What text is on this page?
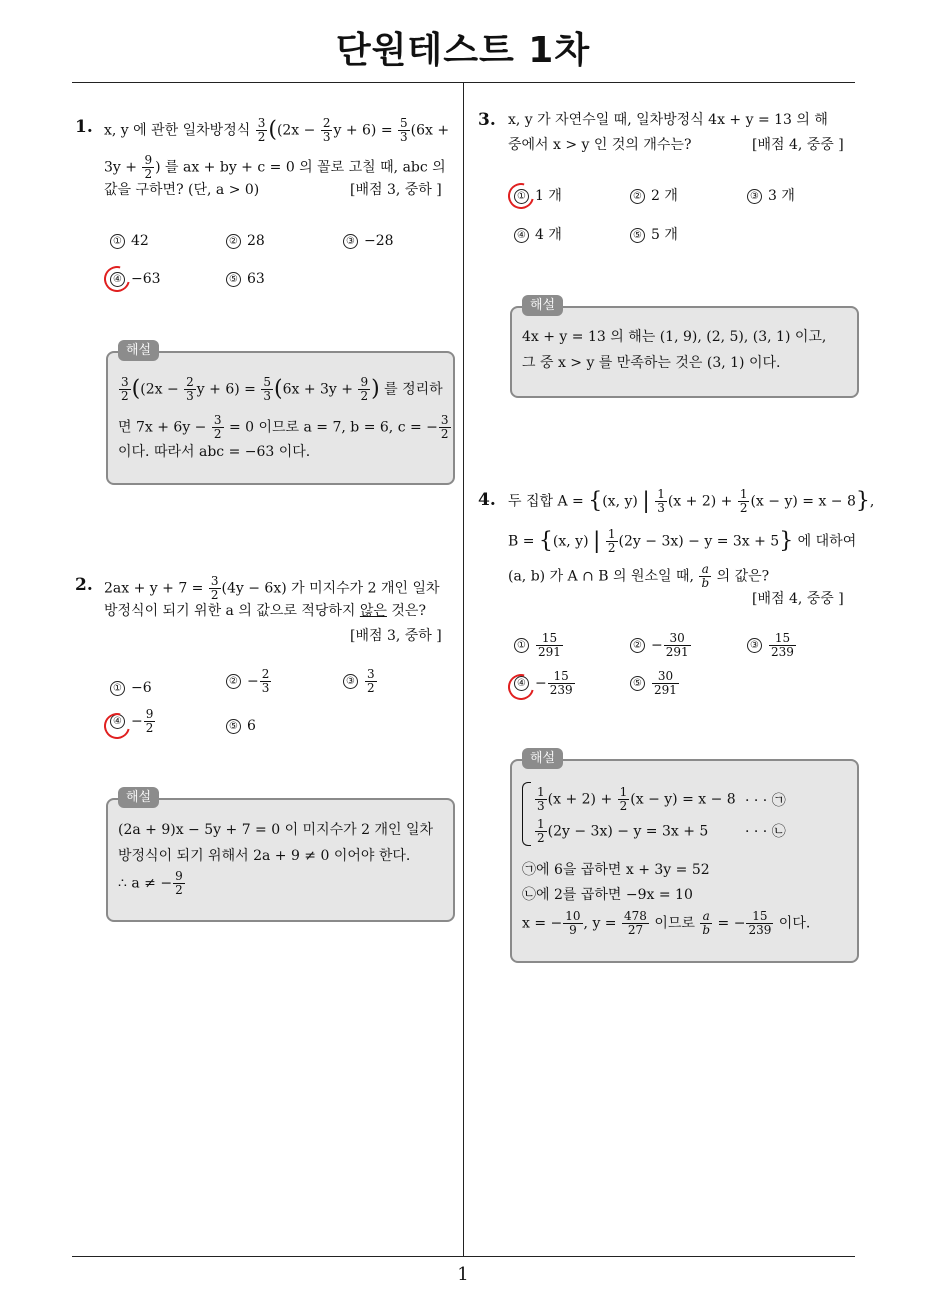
단원테스트 1차
1
1. x, y 에 관한 일차방정식 $\frac{3}{2} ((2x - \frac{2}{3}$ $y + 6) = \frac{5}{3} (6x$ +
$3y + \frac{9}{2}$ ) 를 ax + by + c = 0 의 꼴로 고칠 때, abc 의
값을 구하면? (단, a > 0)	[배점 3, 중하 ]
① 42	② 28	③ −28
④ −63	⑤ 63
해설
$\frac{3}{2} ((2x - \frac{2}{3}$ $y + 6) = \frac{5}{3} (6x + 3y + \frac{9}{2}$ ) 를 정리하
면 $7x + 6y - \frac{3}{2} = 0$ 이므로 a = 7, b = 6, c = − $\frac{3}{2}$
이다. 따라서 abc = −63 이다.
2. $2ax + y + 7 = \frac{3}{2} (4y - 6x)$ 가 미지수가 2 개인 일차
방정식이 되기 위한 a 의 값으로 적당하지 않은 것은?
[배점 3, 중하 ]
① −6	② − $\frac{2}{3}$	③ $\frac{3}{2}$
④ − $\frac{9}{2}$	⑤ 6
해설
(2a + 9)x − 5y + 7 = 0 이 미지수가 2 개인 일차
방정식이 되기 위해서 2a + 9 ≠ 0 이어야 한다.
∴ a ≠ − $\frac{9}{2}$
3. x, y 가 자연수일 때, 일차방정식 4x + y = 13 의 해
중에서 x > y 인 것의 개수는?	[배점 4, 중중 ]
① 1 개	② 2 개	③ 3 개
④ 4 개	⑤ 5 개
해설
4x + y = 13 의 해는 (1, 9), (2, 5), (3, 1) 이고,
그 중 x > y 를 만족하는 것은 (3, 1) 이다.
4. 두 집합 A = {(x, y) | $\frac{1}{3} (x + 2) + \frac{1}{2} (x - y) = x - 8$},
B = {(x, y) | $\frac{1}{2} (2y - 3x) - y = 3x + 5$} 에 대하여
(a, b) 가 A ∩ B 의 원소일 때, $\frac{a}{b}$ 의 값은?
[배점 4, 중중 ]
① $\frac{15}{291}$	② − $\frac{30}{291}$	③ $\frac{15}{239}$
④ − $\frac{15}{239}$	⑤ $\frac{30}{291}$
해설
$\frac{1}{3} (x + 2) + \frac{1}{2} (x - y) = x - 8$ · · · ㉠
$\frac{1}{2} (2y - 3x) - y = 3x + 5$	· · · ㉡
㉠에 6을 곱하면 x + 3y = 52
㉡에 2를 곱하면 −9x = 10
x = − $\frac{10}{9}$ , $y = \frac{478}{27}$ 이므로 $\frac{a}{b}$ = − $\frac{15}{239}$ 이다.
